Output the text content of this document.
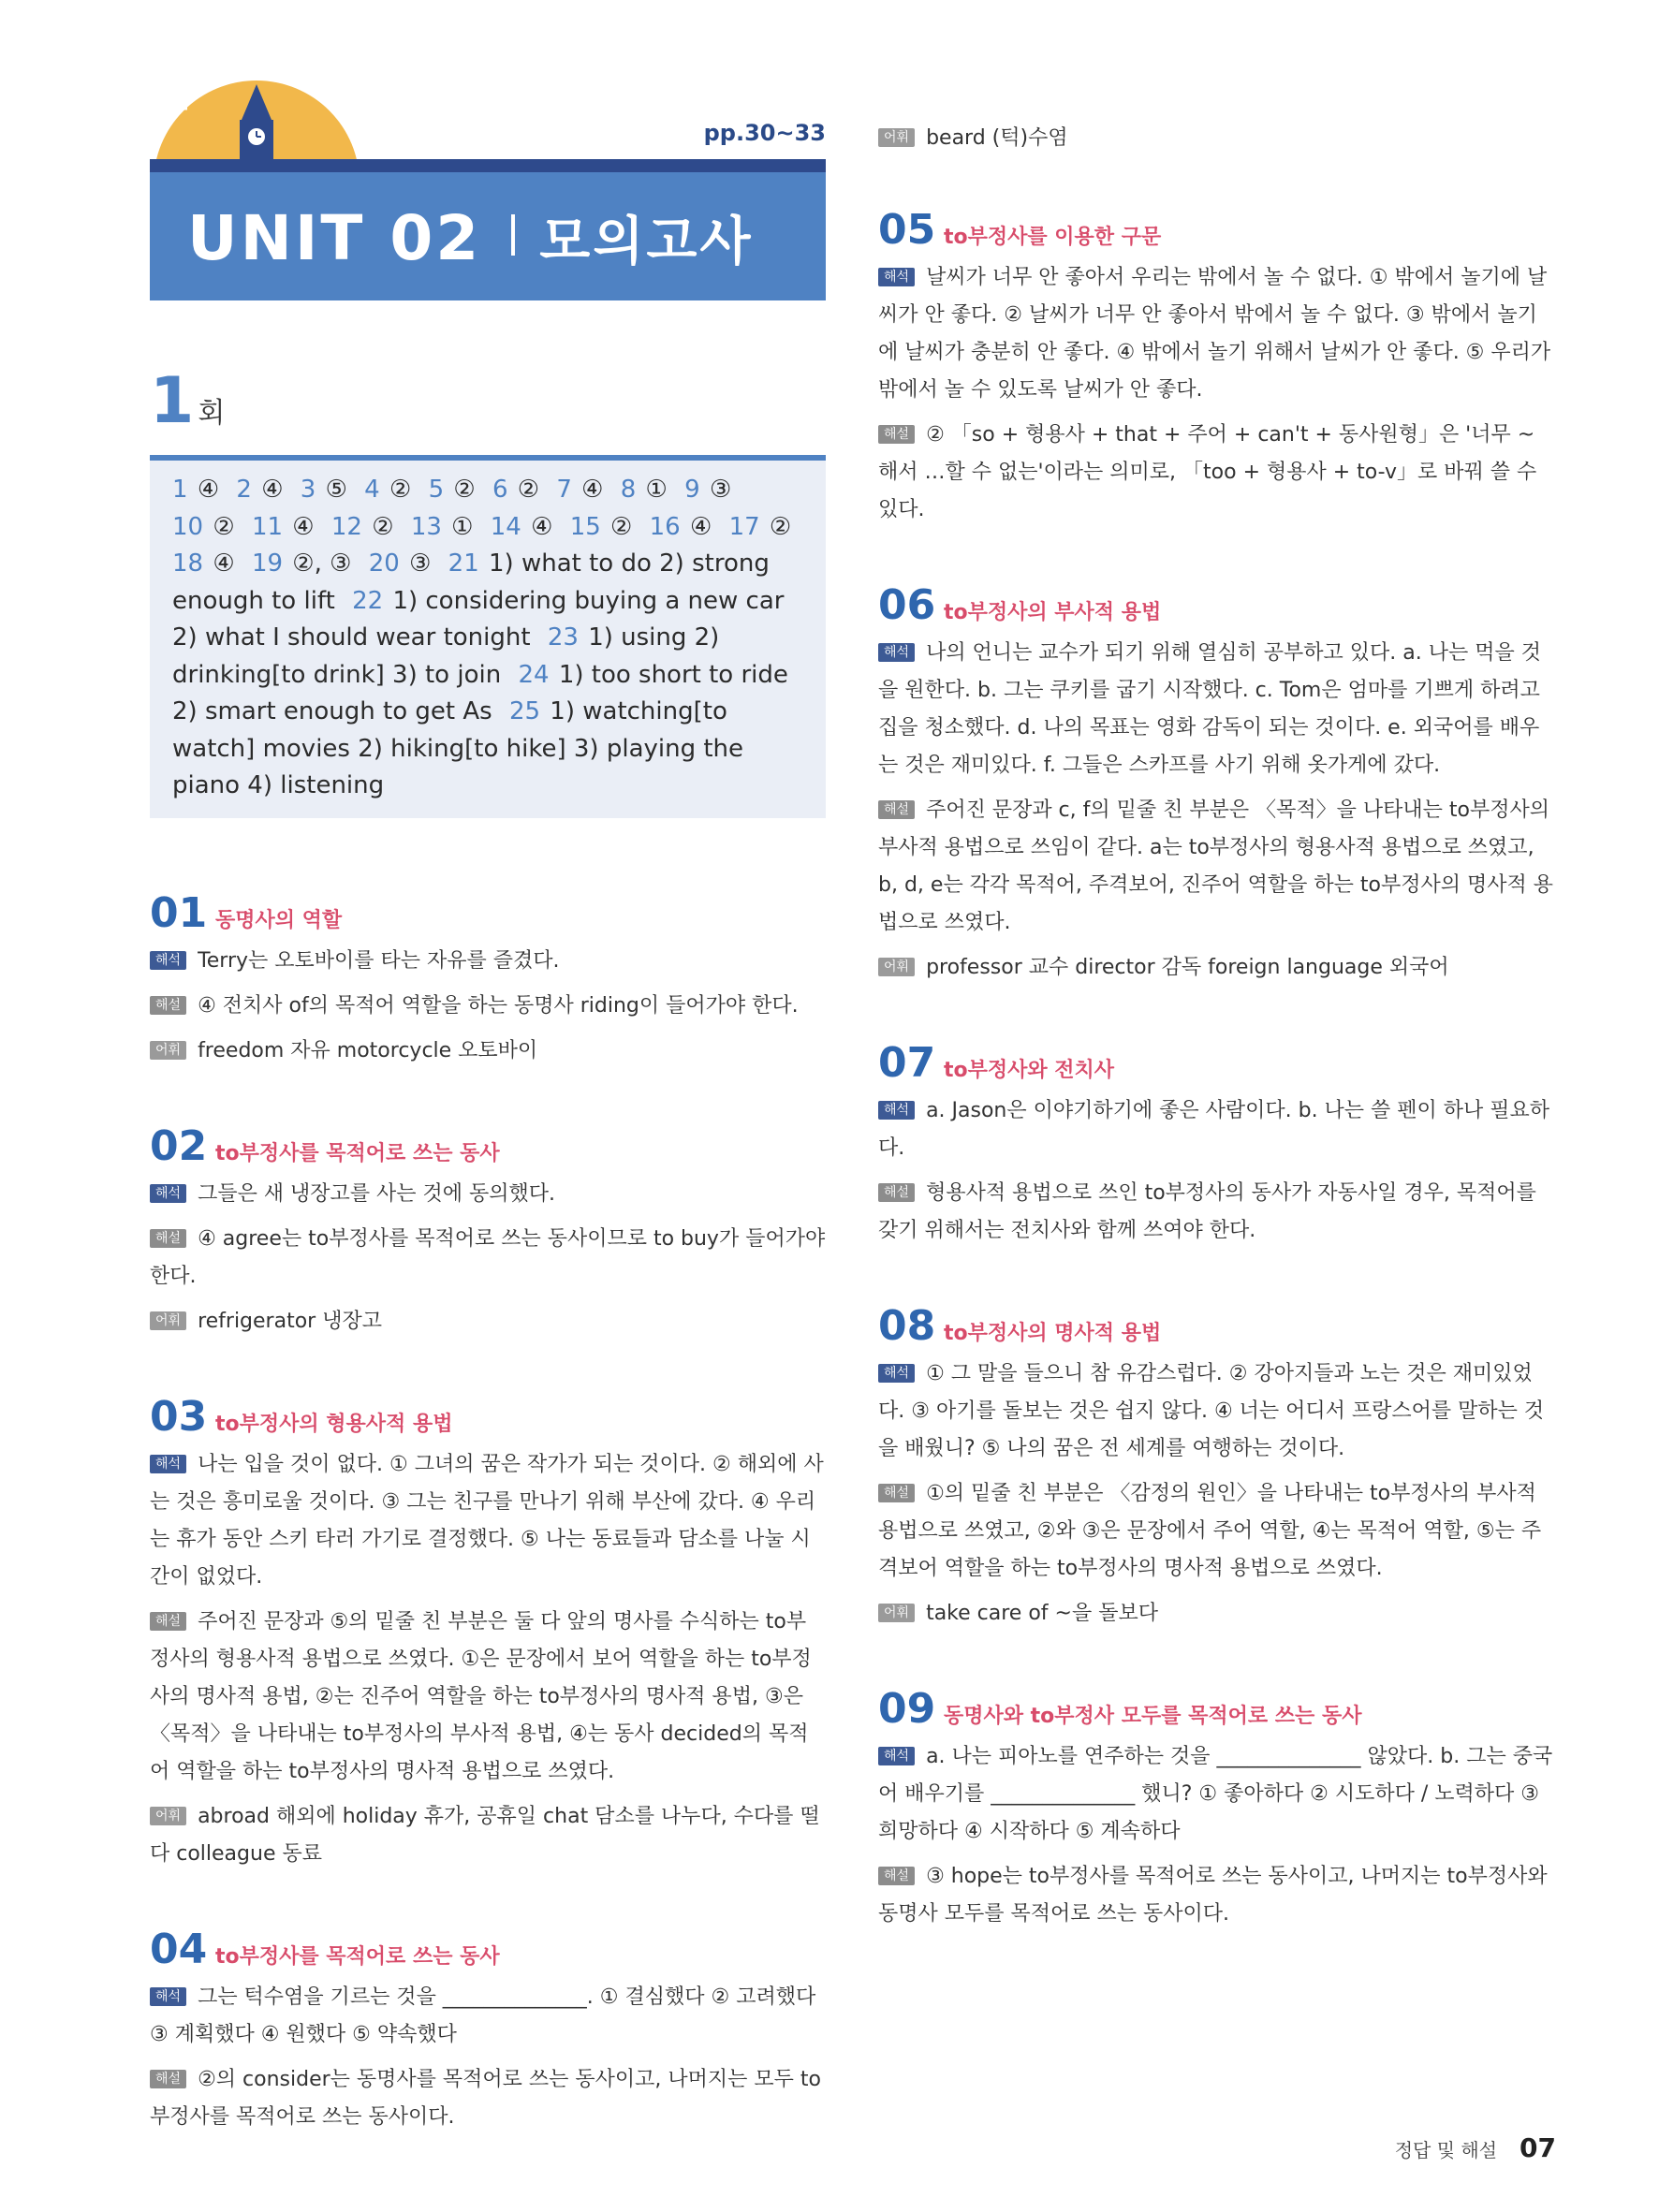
pp.30~33
UNIT 02 모의고사
1 회
1 ④ 2 ④ 3 ⑤ 4 ② 5 ② 6 ② 7 ④ 8 ① 9 ③ 10 ② 11 ④ 12 ② 13 ① 14 ④ 15 ② 16 ④ 17 ② 18 ④ 19 ②, ③ 20 ③ 21 1) what to do 2) strong enough to lift 22 1) considering buying a new car 2) what I should wear tonight 23 1) using 2) drinking[to drink] 3) to join 24 1) too short to ride 2) smart enough to get As 25 1) watching[to watch] movies 2) hiking[to hike] 3) playing the piano 4) listening
01 동명사의 역할

해석 Terry는 오토바이를 타는 자유를 즐겼다.

해설 ④ 전치사 of의 목적어 역할을 하는 동명사 riding이 들어가야 한다.

어휘 freedom 자유 motorcycle 오토바이

02 to부정사를 목적어로 쓰는 동사

해석 그들은 새 냉장고를 사는 것에 동의했다.

해설 ④ agree는 to부정사를 목적어로 쓰는 동사이므로 to buy가 들어가야 한다.

어휘 refrigerator 냉장고

03 to부정사의 형용사적 용법

해석 나는 입을 것이 없다. ① 그녀의 꿈은 작가가 되는 것이다. ② 해외에 사는 것은 흥미로울 것이다. ③ 그는 친구를 만나기 위해 부산에 갔다. ④ 우리는 휴가 동안 스키 타러 가기로 결정했다. ⑤ 나는 동료들과 담소를 나눌 시간이 없었다.

해설 주어진 문장과 ⑤의 밑줄 친 부분은 둘 다 앞의 명사를 수식하는 to부정사의 형용사적 용법으로 쓰였다. ①은 문장에서 보어 역할을 하는 to부정사의 명사적 용법, ②는 진주어 역할을 하는 to부정사의 명사적 용법, ③은 〈목적〉을 나타내는 to부정사의 부사적 용법, ④는 동사 decided의 목적어 역할을 하는 to부정사의 명사적 용법으로 쓰였다.

어휘 abroad 해외에 holiday 휴가, 공휴일 chat 담소를 나누다, 수다를 떨다 colleague 동료

04 to부정사를 목적어로 쓰는 동사

해석 그는 턱수염을 기르는 것을 ______________. ① 결심했다 ② 고려했다 ③ 계획했다 ④ 원했다 ⑤ 약속했다

해설 ②의 consider는 동명사를 목적어로 쓰는 동사이고, 나머지는 모두 to부정사를 목적어로 쓰는 동사이다.

어휘 beard (턱)수염

05 to부정사를 이용한 구문

해석 날씨가 너무 안 좋아서 우리는 밖에서 놀 수 없다. ① 밖에서 놀기에 날씨가 안 좋다. ② 날씨가 너무 안 좋아서 밖에서 놀 수 없다. ③ 밖에서 놀기에 날씨가 충분히 안 좋다. ④ 밖에서 놀기 위해서 날씨가 안 좋다. ⑤ 우리가 밖에서 놀 수 있도록 날씨가 안 좋다.

해설 ② 「so + 형용사 + that + 주어 + can't + 동사원형」은 '너무 ~해서 …할 수 없는'이라는 의미로, 「too + 형용사 + to-v」로 바꿔 쓸 수 있다.

06 to부정사의 부사적 용법

해석 나의 언니는 교수가 되기 위해 열심히 공부하고 있다. a. 나는 먹을 것을 원한다. b. 그는 쿠키를 굽기 시작했다. c. Tom은 엄마를 기쁘게 하려고 집을 청소했다. d. 나의 목표는 영화 감독이 되는 것이다. e. 외국어를 배우는 것은 재미있다. f. 그들은 스카프를 사기 위해 옷가게에 갔다.

해설 주어진 문장과 c, f의 밑줄 친 부분은 〈목적〉을 나타내는 to부정사의 부사적 용법으로 쓰임이 같다. a는 to부정사의 형용사적 용법으로 쓰였고, b, d, e는 각각 목적어, 주격보어, 진주어 역할을 하는 to부정사의 명사적 용법으로 쓰였다.

어휘 professor 교수 director 감독 foreign language 외국어

07 to부정사와 전치사

해석 a. Jason은 이야기하기에 좋은 사람이다. b. 나는 쓸 펜이 하나 필요하다.

해설 형용사적 용법으로 쓰인 to부정사의 동사가 자동사일 경우, 목적어를 갖기 위해서는 전치사와 함께 쓰여야 한다.

08 to부정사의 명사적 용법

해석 ① 그 말을 들으니 참 유감스럽다. ② 강아지들과 노는 것은 재미있었다. ③ 아기를 돌보는 것은 쉽지 않다. ④ 너는 어디서 프랑스어를 말하는 것을 배웠니? ⑤ 나의 꿈은 전 세계를 여행하는 것이다.

해설 ①의 밑줄 친 부분은 〈감정의 원인〉을 나타내는 to부정사의 부사적 용법으로 쓰였고, ②와 ③은 문장에서 주어 역할, ④는 목적어 역할, ⑤는 주격보어 역할을 하는 to부정사의 명사적 용법으로 쓰였다.

어휘 take care of ~을 돌보다

09 동명사와 to부정사 모두를 목적어로 쓰는 동사

해석 a. 나는 피아노를 연주하는 것을 ______________ 않았다. b. 그는 중국어 배우기를 ______________ 했니? ① 좋아하다 ② 시도하다 / 노력하다 ③ 희망하다 ④ 시작하다 ⑤ 계속하다

해설 ③ hope는 to부정사를 목적어로 쓰는 동사이고, 나머지는 to부정사와 동명사 모두를 목적어로 쓰는 동사이다.

정답 및 해설 07
